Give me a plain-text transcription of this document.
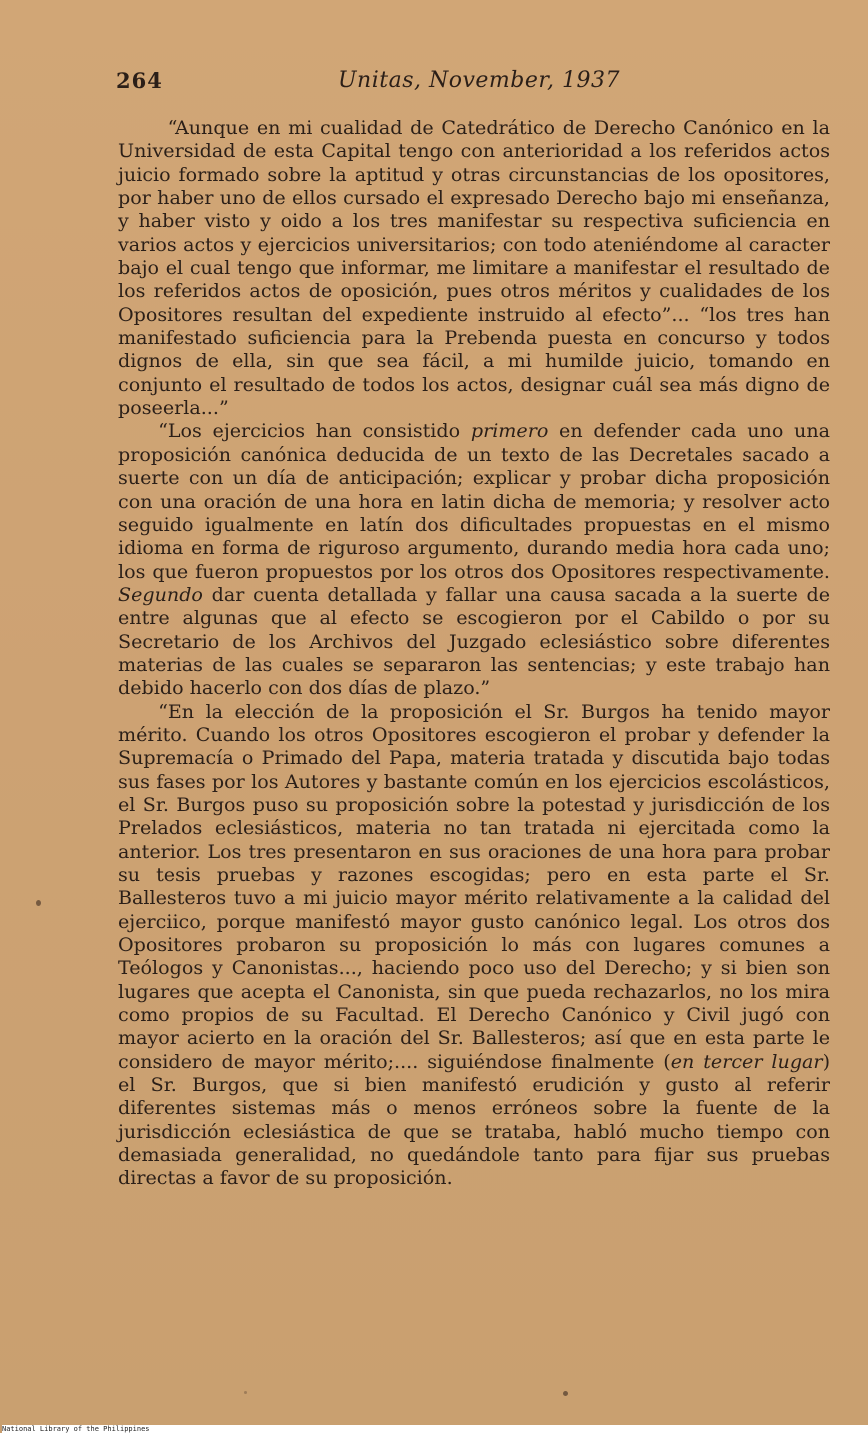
264	Unitas, November, 1937

“Aunque en mi cualidad de Catedrático de Derecho Canónico en la Universidad de esta Capital tengo con anterioridad a los referidos actos juicio formado sobre la aptitud y otras circunstancias de los opositores, por haber uno de ellos cursado el expresado Derecho bajo mi enseñanza, y haber visto y oido a los tres manifestar su respectiva suficiencia en varios actos y ejercicios universitarios; con todo ateniéndome al caracter bajo el cual tengo que informar, me limitare a manifestar el resultado de los referidos actos de oposición, pues otros méritos y cualidades de los Opositores resultan del expediente instruido al efecto”... “los tres han manifestado suficiencia para la Prebenda puesta en concurso y todos dignos de ella, sin que sea fácil, a mi humilde juicio, tomando en conjunto el resultado de todos los actos, designar cuál sea más digno de poseerla...”

“Los ejercicios han consistido primero en defender cada uno una proposición canónica deducida de un texto de las Decretales sacado a suerte con un día de anticipación; explicar y probar dicha proposición con una oración de una hora en latin dicha de memoria; y resolver acto seguido igualmente en latín dos dificultades propuestas en el mismo idioma en forma de riguroso argumento, durando media hora cada uno; los que fueron propuestos por los otros dos Opositores respectivamente. Segundo dar cuenta detallada y fallar una causa sacada a la suerte de entre algunas que al efecto se escogieron por el Cabildo o por su Secretario de los Archivos del Juzgado eclesiástico sobre diferentes materias de las cuales se separaron las sentencias; y este trabajo han debido hacerlo con dos días de plazo.”

“En la elección de la proposición el Sr. Burgos ha tenido mayor mérito. Cuando los otros Opositores escogieron el probar y defender la Supremacía o Primado del Papa, materia tratada y discutida bajo todas sus fases por los Autores y bastante común en los ejercicios escolásticos, el Sr. Burgos puso su proposición sobre la potestad y jurisdicción de los Prelados eclesiásticos, materia no tan tratada ni ejercitada como la anterior. Los tres presentaron en sus oraciones de una hora para probar su tesis pruebas y razones escogidas; pero en esta parte el Sr. Ballesteros tuvo a mi juicio mayor mérito relativamente a la calidad del ejerciico, porque manifestó mayor gusto canónico legal. Los otros dos Opositores probaron su proposición lo más con lugares comunes a Teólogos y Canonistas..., haciendo poco uso del Derecho; y si bien son lugares que acepta el Canonista, sin que pueda rechazarlos, no los mira como propios de su Facultad. El Derecho Canónico y Civil jugó con mayor acierto en la oración del Sr. Ballesteros; así que en esta parte le considero de mayor mérito;.... siguiéndose finalmente (en tercer lugar) el Sr. Burgos, que si bien manifestó erudición y gusto al referir diferentes sistemas más o menos erróneos sobre la fuente de la jurisdicción eclesiástica de que se trataba, habló mucho tiempo con demasiada generalidad, no quedándole tanto para fijar sus pruebas directas a favor de su proposición.

National Library of the Philippines
